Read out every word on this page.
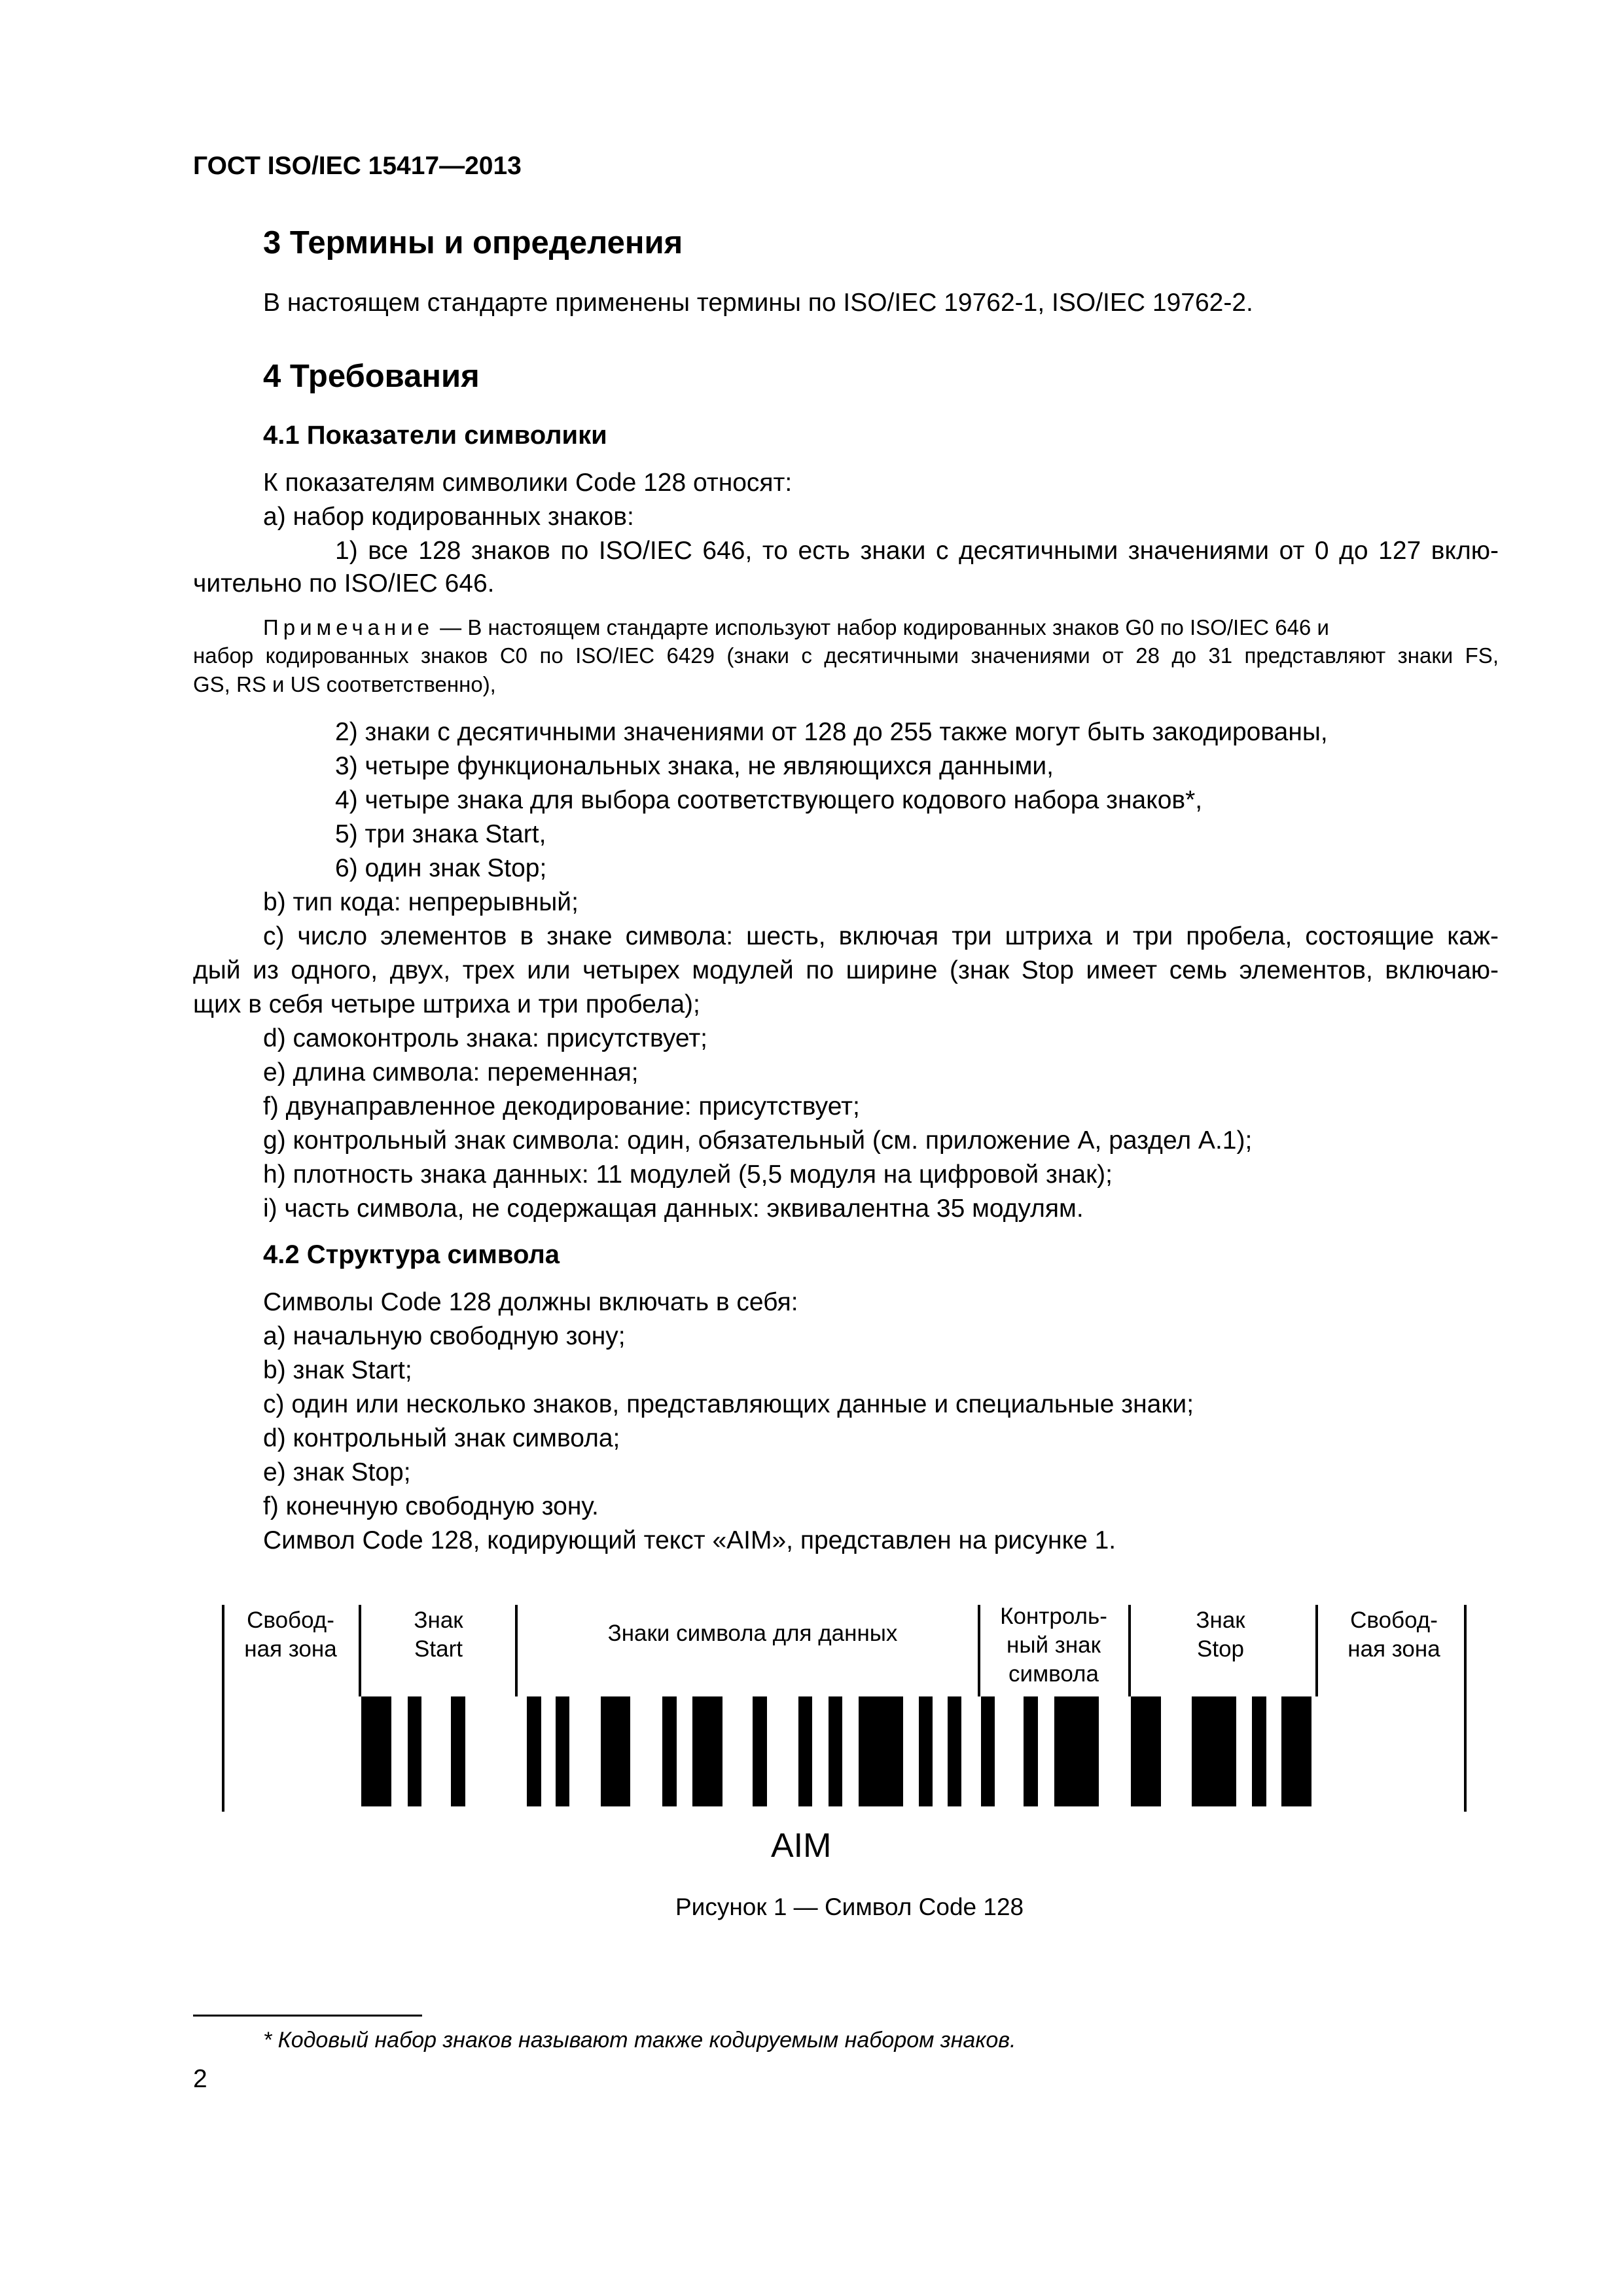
ГОСТ ISO/IEC 15417—2013
3 Термины и определения
В настоящем стандарте применены термины по ISO/IEC 19762-1, ISO/IEC 19762-2.
4 Требования
4.1 Показатели символики
К показателям символики Code 128 относят:
а) набор кодированных знаков:
1) все 128 знаков по ISO/IEC 646, то есть знаки с десятичными значениями от 0 до 127 вклю-
чительно по ISO/IEC 646.
Примечание — В настоящем стандарте используют набор кодированных знаков G0 по ISO/IEC 646 и
набор кодированных знаков С0 по ISO/IEC 6429 (знаки с десятичными значениями от 28 до 31 представляют знаки FS,
GS, RS и US соответственно),
2) знаки с десятичными значениями от 128 до 255 также могут быть закодированы,
3) четыре функциональных знака, не являющихся данными,
4) четыре знака для выбора соответствующего кодового набора знаков*,
5) три знака Start,
6) один знак Stop;
b) тип кода: непрерывный;
c) число элементов в знаке символа: шесть, включая три штриха и три пробела, состоящие каж-
дый из одного, двух, трех или четырех модулей по ширине (знак Stop имеет семь элементов, включаю-
щих в себя четыре штриха и три пробела);
d) самоконтроль знака: присутствует;
e) длина символа: переменная;
f) двунаправленное декодирование: присутствует;
g) контрольный знак символа: один, обязательный (см. приложение А, раздел А.1);
h) плотность знака данных: 11 модулей (5,5 модуля на цифровой знак);
i) часть символа, не содержащая данных: эквивалентна 35 модулям.
4.2 Структура символа
Символы Code 128 должны включать в себя:
а) начальную свободную зону;
b) знак Start;
c) один или несколько знаков, представляющих данные и специальные знаки;
d) контрольный знак символа;
e) знак Stop;
f) конечную свободную зону.
Символ Code 128, кодирующий текст «AIM», представлен на рисунке 1.
Свобод-
ная зона
Знак
Start
Знаки символа для данных
Контроль-
ный знак
символа
Знак
Stop
Свобод-
ная зона
AIM
Рисунок 1 — Символ Code 128
* Кодовый набор знаков называют также кодируемым набором знаков.
2
